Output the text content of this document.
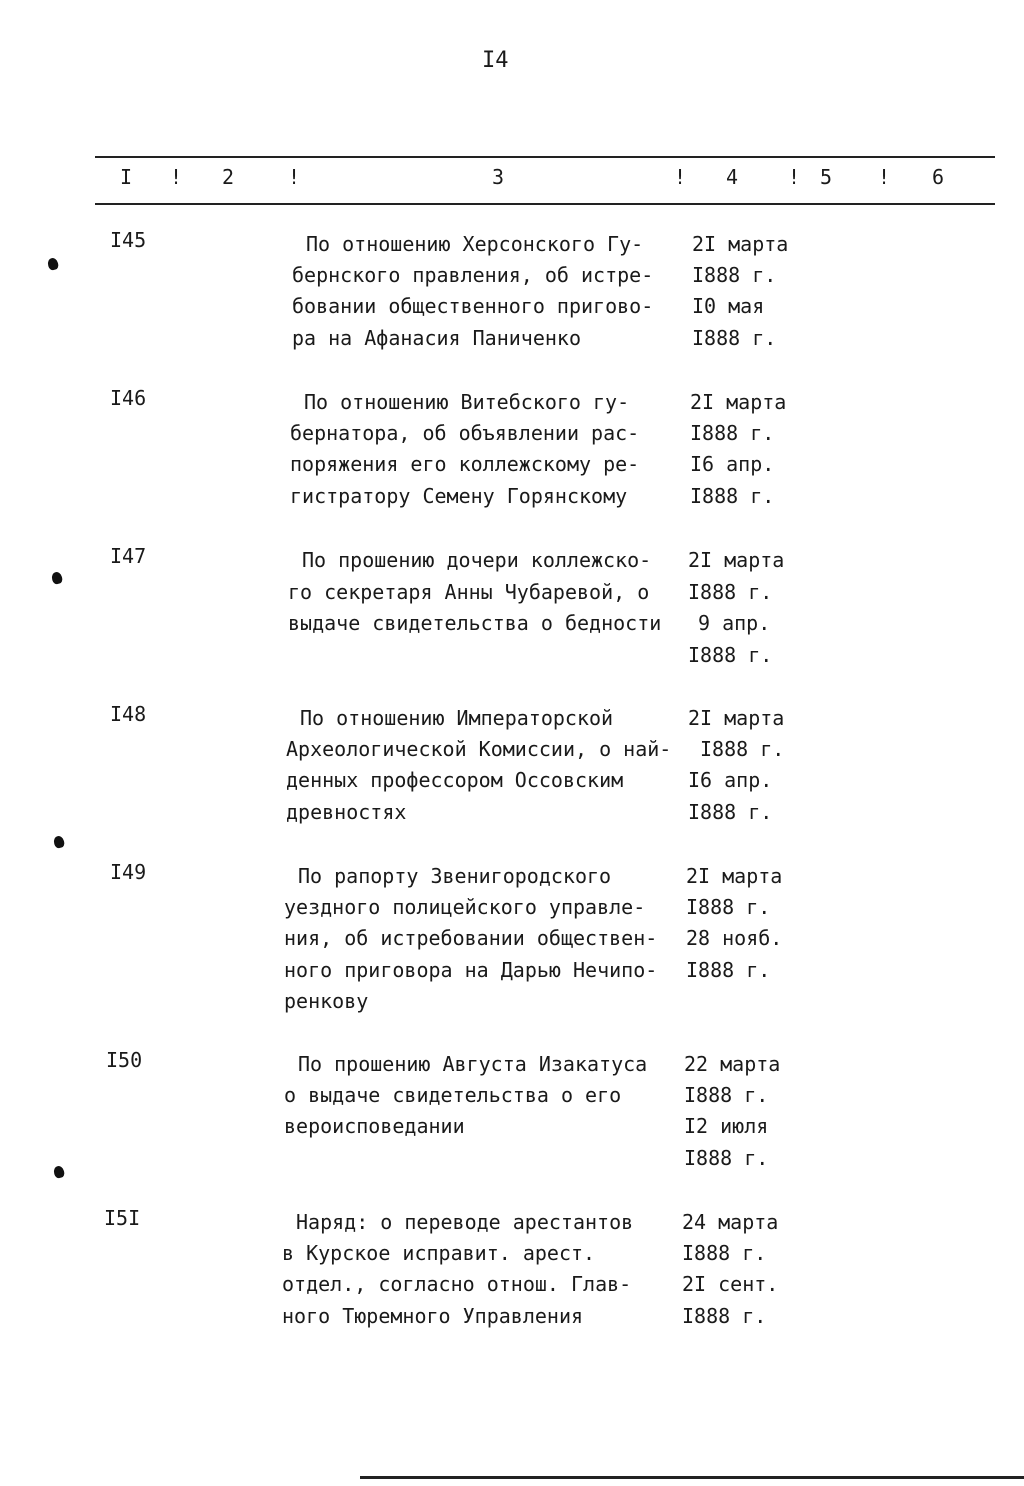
I4
I ! 2	!	3	! 4 ! 5 ! 6
I45	По отношению Херсонского Гу-
бернского правления, об истре-
бовании общественного пригово-
ра на Афанасия Паниченко
2I марта
I888 г.
I0 мая
I888 г.
I46	По отношению Витебского гу-
бернатора, об объявлении рас-
поряжения его коллежскому ре-
гистратору Семену Горянскому
2I марта
I888 г.
I6 апр.
I888 г.
I47	По прошению дочери коллежско-
го секретаря Анны Чубаревой, о
выдаче свидетельства о бедности
2I марта
I888 г.
9 апр.
I888 г.
I48	По отношению Императорской
Археологической Комиссии, о най-
денных профессором Оссовским
древностях
2I марта
I888 г.
I6 апр.
I888 г.
I49	По рапорту Звенигородского
уездного полицейского управле-
ния, об истребовании обществен-
ного приговора на Дарью Нечипо-
ренкову
2I марта
I888 г.
28 нояб.
I888 г.
I50	По прошению Августа Изакатуса
о выдаче свидетельства о его
вероисповедании
22 марта
I888 г.
I2 июля
I888 г.
I5I	Наряд: о переводе арестантов
в Курское исправит. арест.
отдел., согласно отнош. Глав-
ного Тюремного Управления
24 марта
I888 г.
2I сент.
I888 г.
